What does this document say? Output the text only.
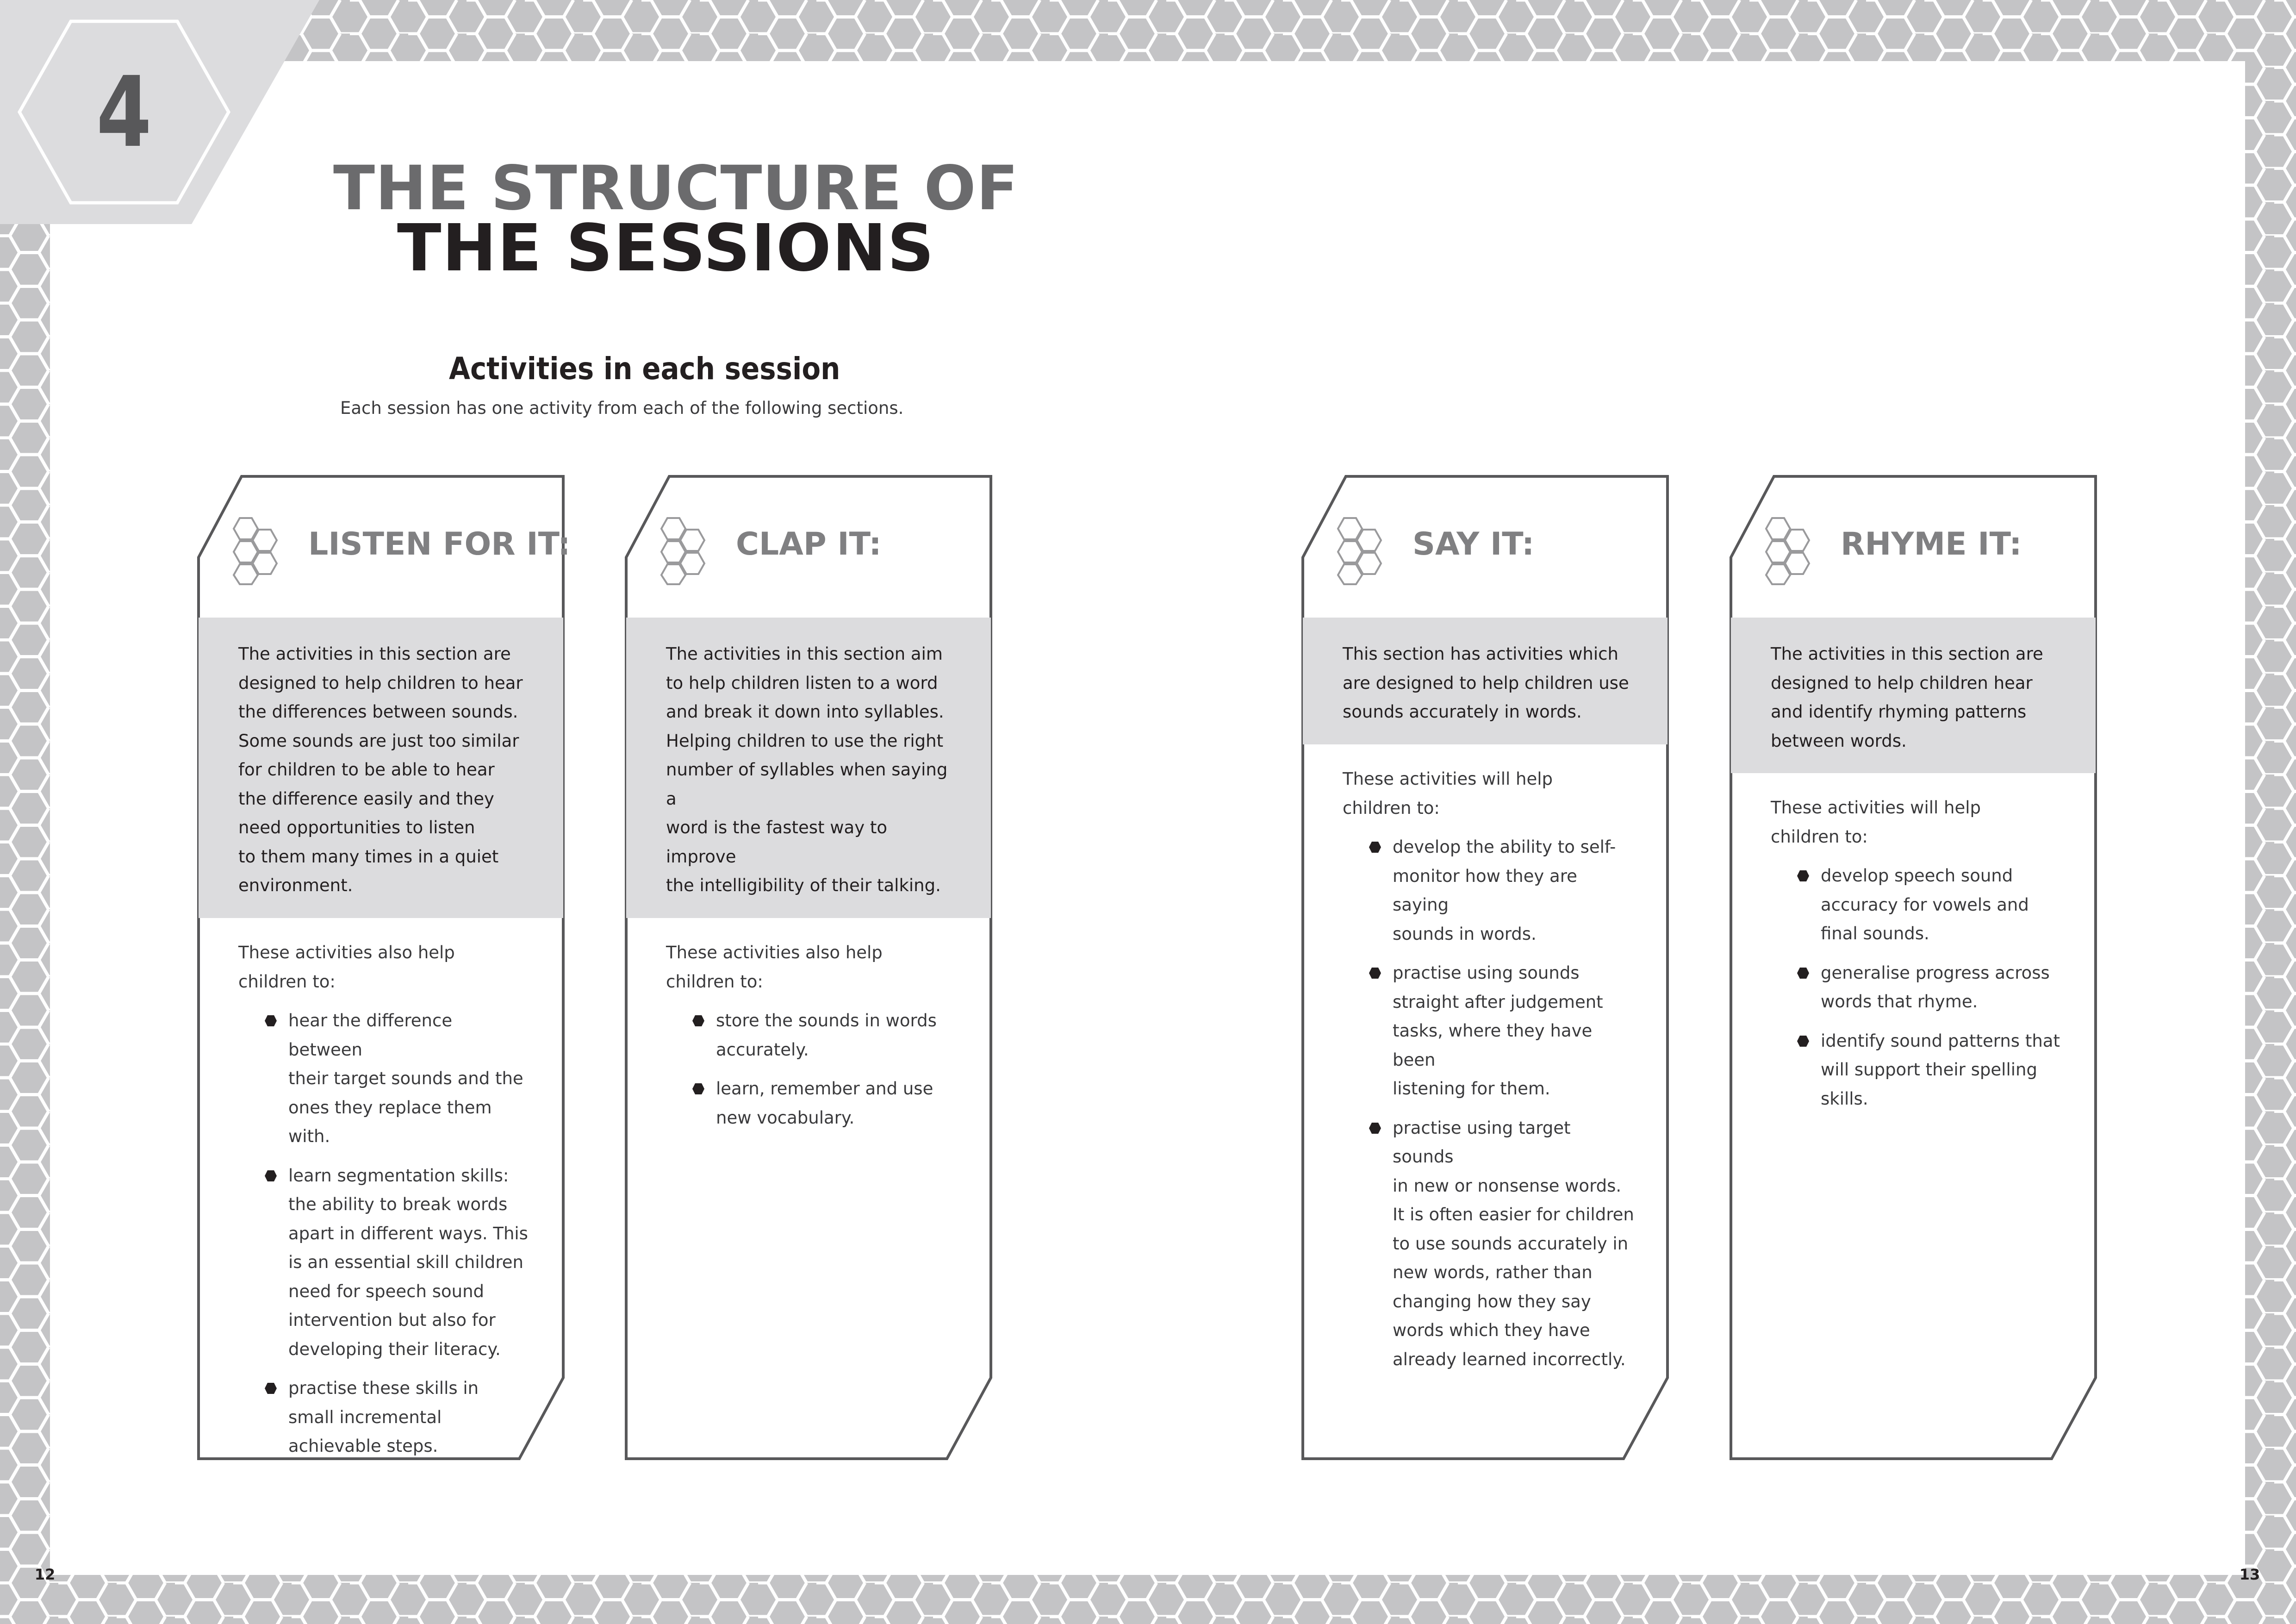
4
THE STRUCTURE OF
THE SESSIONS
Activities in each session
Each session has one activity from each of the following sections.
LISTEN FOR IT:
The activities in this section are
designed to help children to hear
the differences between sounds.
Some sounds are just too similar
for children to be able to hear
the difference easily and they
need opportunities to listen
to them many times in a quiet
environment.
These activities also help
children to:
hear the difference between
their target sounds and the
ones they replace them with.
learn segmentation skills:
the ability to break words
apart in different ways. This
is an essential skill children
need for speech sound
intervention but also for
developing their literacy.
practise these skills in
small incremental
achievable steps.
CLAP IT:
The activities in this section aim
to help children listen to a word
and break it down into syllables.
Helping children to use the right
number of syllables when saying a
word is the fastest way to improve
the intelligibility of their talking.
These activities also help
children to:
store the sounds in words
accurately.
learn, remember and use
new vocabulary.
SAY IT:
This section has activities which
are designed to help children use
sounds accurately in words.
These activities will help
children to:
develop the ability to self-
monitor how they are saying
sounds in words.
practise using sounds
straight after judgement
tasks, where they have been
listening for them.
practise using target sounds
in new or nonsense words.
It is often easier for children
to use sounds accurately in
new words, rather than
changing how they say
words which they have
already learned incorrectly.
RHYME IT:
The activities in this section are
designed to help children hear
and identify rhyming patterns
between words.
These activities will help
children to:
develop speech sound
accuracy for vowels and
final sounds.
generalise progress across
words that rhyme.
identify sound patterns that
will support their spelling
skills.
12	13
